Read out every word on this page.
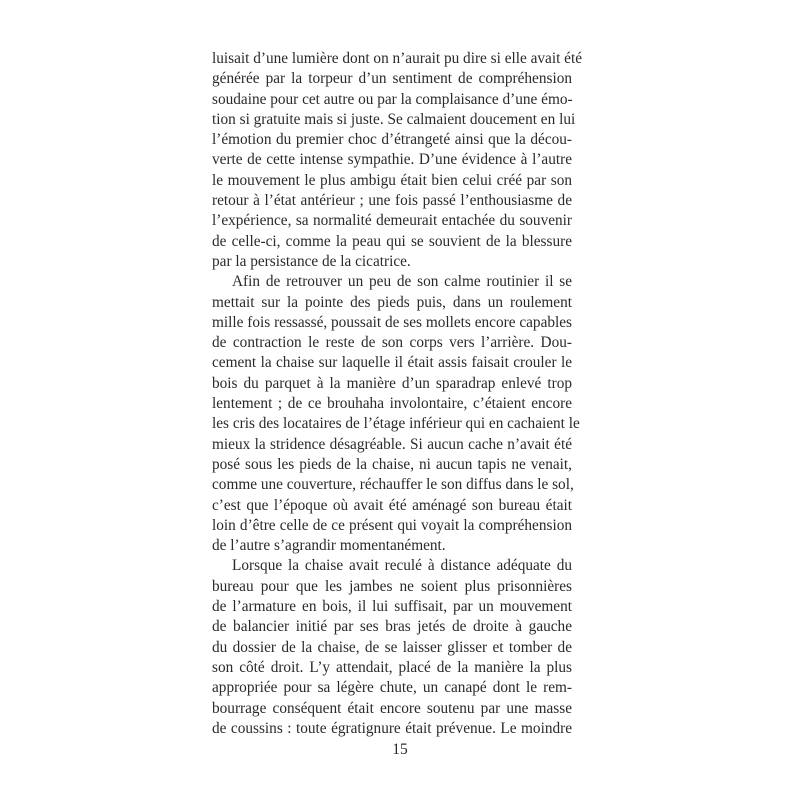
luisait d’une lumière dont on n’aurait pu dire si elle avait été
générée par la torpeur d’un sentiment de compréhension
soudaine pour cet autre ou par la complaisance d’une émo-
tion si gratuite mais si juste. Se calmaient doucement en lui
l’émotion du premier choc d’étrangeté ainsi que la décou-
verte de cette intense sympathie. D’une évidence à l’autre
le mouvement le plus ambigu était bien celui créé par son
retour à l’état antérieur ; une fois passé l’enthousiasme de
l’expérience, sa normalité demeurait entachée du souvenir
de celle-ci, comme la peau qui se souvient de la blessure
par la persistance de la cicatrice.
Afin de retrouver un peu de son calme routinier il se
mettait sur la pointe des pieds puis, dans un roulement
mille fois ressassé, poussait de ses mollets encore capables
de contraction le reste de son corps vers l’arrière. Dou-
cement la chaise sur laquelle il était assis faisait crouler le
bois du parquet à la manière d’un sparadrap enlevé trop
lentement ; de ce brouhaha involontaire, c’étaient encore
les cris des locataires de l’étage inférieur qui en cachaient le
mieux la stridence désagréable. Si aucun cache n’avait été
posé sous les pieds de la chaise, ni aucun tapis ne venait,
comme une couverture, réchauffer le son diffus dans le sol,
c’est que l’époque où avait été aménagé son bureau était
loin d’être celle de ce présent qui voyait la compréhension
de l’autre s’agrandir momentanément.
Lorsque la chaise avait reculé à distance adéquate du
bureau pour que les jambes ne soient plus prisonnières
de l’armature en bois, il lui suffisait, par un mouvement
de balancier initié par ses bras jetés de droite à gauche
du dossier de la chaise, de se laisser glisser et tomber de
son côté droit. L’y attendait, placé de la manière la plus
appropriée pour sa légère chute, un canapé dont le rem-
bourrage conséquent était encore soutenu par une masse
de coussins : toute égratignure était prévenue. Le moindre
15
